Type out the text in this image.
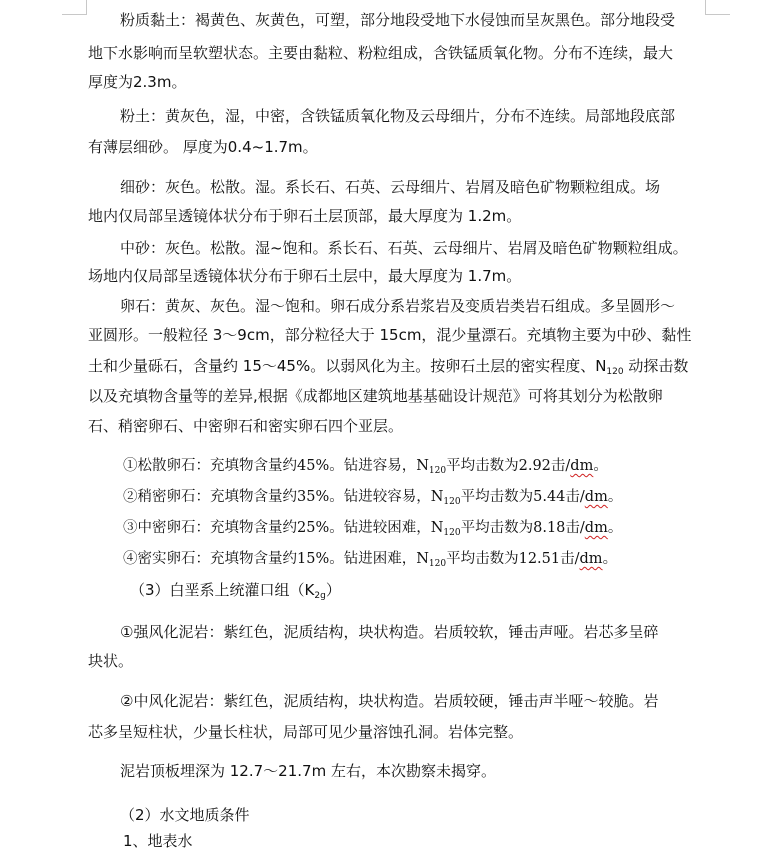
粉质黏土：褐黄色、灰黄色，可塑，部分地段受地下水侵蚀而呈灰黑色。部分地段受
地下水影响而呈软塑状态。主要由黏粒、粉粒组成，含铁锰质氧化物。分布不连续，最大
厚度为2.3m。
粉土：黄灰色，湿，中密，含铁锰质氧化物及云母细片，分布不连续。局部地段底部
有薄层细砂。 厚度为0.4~1.7m。
细砂：灰色。松散。湿。系长石、石英、云母细片、岩屑及暗色矿物颗粒组成。场
地内仅局部呈透镜体状分布于卵石土层顶部，最大厚度为 1.2m。
中砂：灰色。松散。湿~饱和。系长石、石英、云母细片、岩屑及暗色矿物颗粒组成。
场地内仅局部呈透镜体状分布于卵石土层中，最大厚度为 1.7m。
卵石：黄灰、灰色。湿～饱和。卵石成分系岩浆岩及变质岩类岩石组成。多呈圆形～
亚圆形。一般粒径 3～9cm，部分粒径大于 15cm，混少量漂石。充填物主要为中砂、黏性
土和少量砾石，含量约 15～45%。以弱风化为主。按卵石土层的密实程度、$N_{120}$ 动探击数
以及充填物含量等的差异,根据《成都地区建筑地基基础设计规范》可将其划分为松散卵
石、稍密卵石、中密卵石和密实卵石四个亚层。
①松散卵石：充填物含量约45%。钻进容易，$N_{120}$平均击数为2.92击/dm。
②稍密卵石：充填物含量约35%。钻进较容易，$N_{120}$平均击数为5.44击/dm。
③中密卵石：充填物含量约25%。钻进较困难，$N_{120}$平均击数为8.18击/dm。
④密实卵石：充填物含量约15%。钻进困难，$N_{120}$平均击数为12.51击/dm。
（3）白垩系上统灌口组$(K_{2g})$
①强风化泥岩：紫红色，泥质结构，块状构造。岩质较软，锤击声哑。岩芯多呈碎
块状。
②中风化泥岩：紫红色，泥质结构，块状构造。岩质较硬，锤击声半哑～较脆。岩
芯多呈短柱状，少量长柱状，局部可见少量溶蚀孔洞。岩体完整。
泥岩顶板埋深为 12.7～21.7m 左右，本次勘察未揭穿。
（2）水文地质条件
1、地表水
